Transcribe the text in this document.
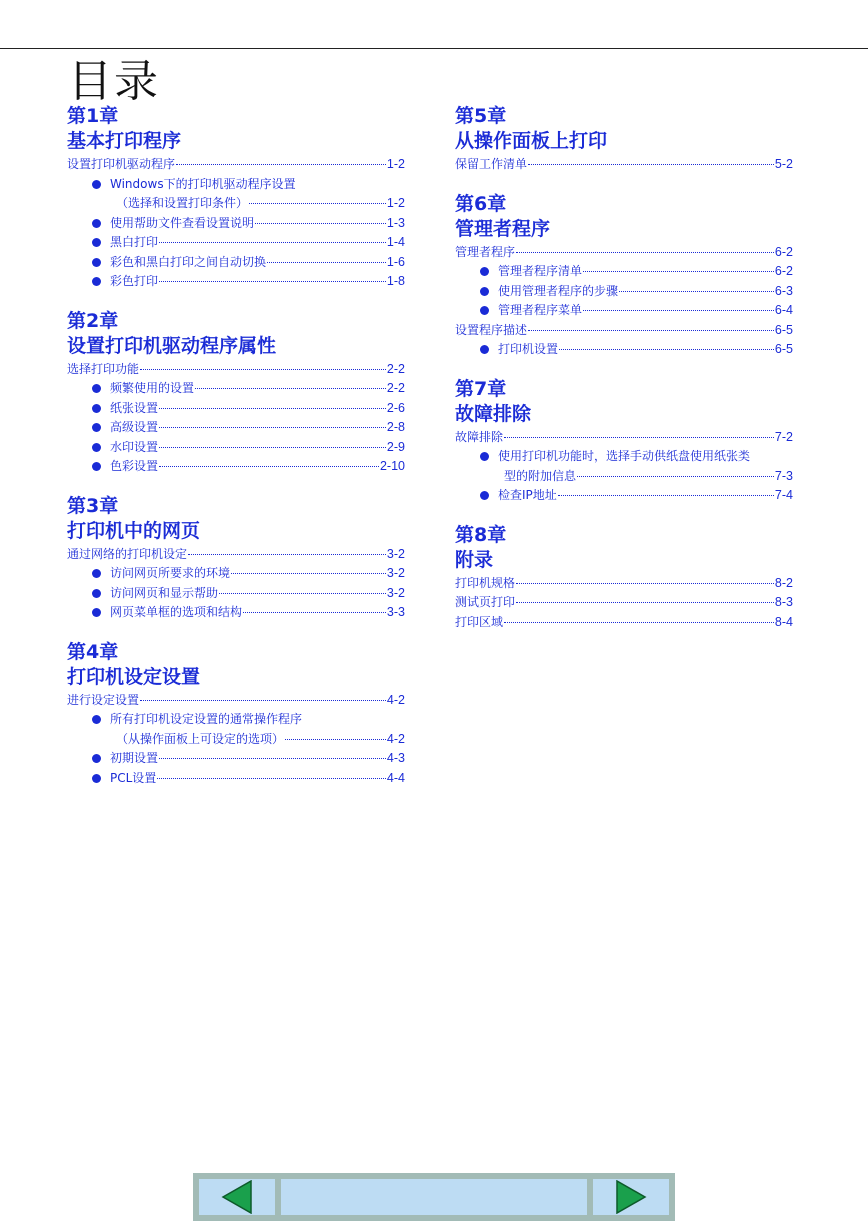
目录
第1章
基本打印程序
设置打印机驱动程序	1-2
Windows下的打印机驱动程序设置
（选择和设置打印条件）	1-2
使用帮助文件查看设置说明	1-3
黑白打印	1-4
彩色和黑白打印之间自动切换	1-6
彩色打印	1-8
第2章
设置打印机驱动程序属性
选择打印功能	2-2
频繁使用的设置	2-2
纸张设置	2-6
高级设置	2-8
水印设置	2-9
色彩设置	2-10
第3章
打印机中的网页
通过网络的打印机设定	3-2
访问网页所要求的环境	3-2
访问网页和显示帮助	3-2
网页菜单框的选项和结构	3-3
第4章
打印机设定设置
进行设定设置	4-2
所有打印机设定设置的通常操作程序
（从操作面板上可设定的选项）	4-2
初期设置	4-3
PCL设置	4-4
第5章
从操作面板上打印
保留工作清单	5-2
第6章
管理者程序
管理者程序	6-2
管理者程序清单	6-2
使用管理者程序的步骤	6-3
管理者程序菜单	6-4
设置程序描述	6-5
打印机设置	6-5
第7章
故障排除
故障排除	7-2
使用打印机功能时，选择手动供纸盘使用纸张类
型的附加信息	7-3
检查IP地址	7-4
第8章
附录
打印机规格	8-2
测试页打印	8-3
打印区域	8-4
